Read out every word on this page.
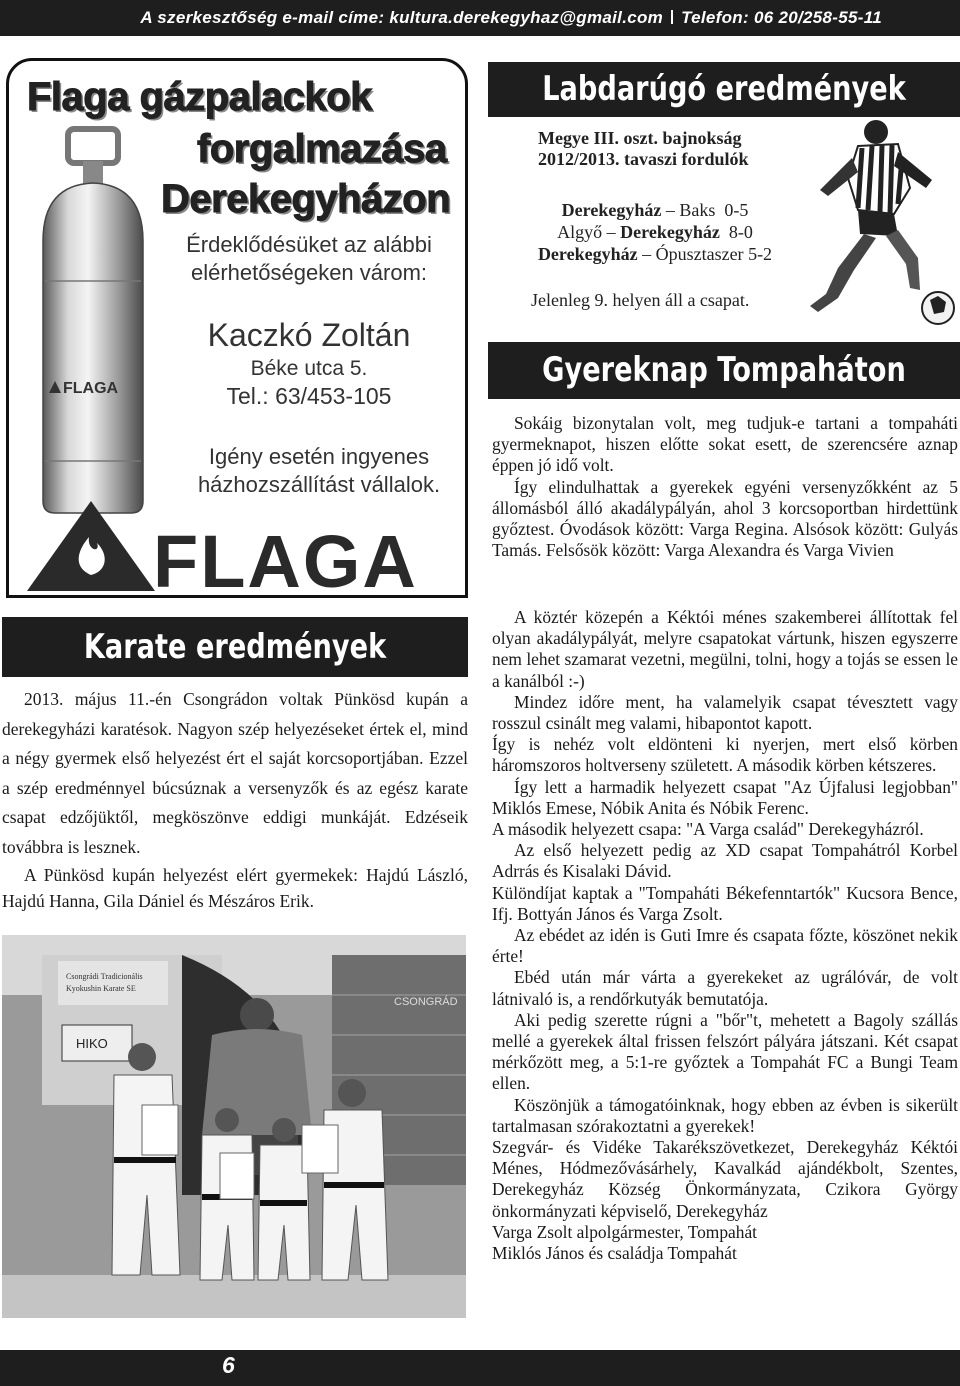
A szerkesztőség e-mail címe: kultura.derekegyhaz@gmail.com Telefon: 06 20/258-55-11
FLAGA
Flaga gázpalackok
forgalmazása
Derekegyházon
Érdeklődésüket az alábbi
elérhetőségeken várom:
Kaczkó Zoltán
Béke utca 5.
Tel.: 63/453-105
Igény esetén ingyenes
házhozszállítást vállalok.
FLAGA
Labdarúgó eredmények
Megye III. oszt. bajnokság
2012/2013. tavaszi fordulók
Derekegyház – Baks 0-5
Algyő – Derekegyház 8-0
Derekegyház – Ópusztaszer 5-2
Jelenleg 9. helyen áll a csapat.
Gyereknap Tompaháton

Sokáig bizonytalan volt, meg tudjuk-e tartani a tompaháti gyermeknapot, hiszen előtte sokat esett, de szerencsére aznap éppen jó idő volt.

Így elindulhattak a gyerekek egyéni versenyzőkként az 5 állomásból álló akadálypályán, ahol 3 korcsoportban hirdettünk győztest. Óvodások között: Varga Regina. Alsósok között: Gulyás Tamás. Felsősök között: Varga Alexandra és Varga Vivien

A köztér közepén a Kéktói ménes szakemberei állítottak fel olyan akadálypályát, melyre csapatokat vártunk, hiszen egyszerre nem lehet szamarat vezetni, megülni, tolni, hogy a tojás se essen le a kanálból :-)

Mindez időre ment, ha valamelyik csapat tévesztett vagy rosszul csinált meg valami, hibapontot kapott.

Így is nehéz volt eldönteni ki nyerjen, mert első körben háromszoros holtverseny született. A második körben kétszeres.

Így lett a harmadik helyezett csapat "Az Újfalusi legjobban" Miklós Emese, Nóbik Anita és Nóbik Ferenc.

A második helyezett csapa: "A Varga család" Derekegyházról.

Az első helyezett pedig az XD csapat Tompahátról Korbel Adrrás és Kisalaki Dávid.

Különdíjat kaptak a "Tompaháti Békefenntartók" Kucsora Bence, Ifj. Bottyán János és Varga Zsolt.

Az ebédet az idén is Guti Imre és csapata főzte, köszönet nekik érte!

Ebéd után már várta a gyerekeket az ugrálóvár, de volt látnivaló is, a rendőrkutyák bemutatója.

Aki pedig szerette rúgni a "bőr"t, mehetett a Bagoly szállás mellé a gyerekek által frissen felszórt pályára játszani. Két csapat mérkőzött meg, a 5:1-re győztek a Tompahát FC a Bungi Team ellen.

Köszönjük a támogatóinknak, hogy ebben az évben is sikerült tartalmasan szórakoztatni a gyerekek!

Szegvár- és Vidéke Takarékszövetkezet, Derekegyház Kéktói Ménes, Hódmezővásárhely, Kavalkád ajándékbolt, Szentes, Derekegyház Község Önkormányzata, Czikora György önkormányzati képviselő, Derekegyház

Varga Zsolt alpolgármester, Tompahát

Miklós János és családja Tompahát

Karate eredmények

2013. május 11.-én Csongrádon voltak Pünkösd kupán a derekegyházi karatésok. Nagyon szép helyezéseket értek el, mind a négy gyermek első helyezést ért el saját korcsoportjában. Ezzel a szép eredménnyel búcsúznak a versenyzők és az egész karate csapat edzőjüktől, megköszönve eddigi munkáját. Edzéseik továbbra is lesznek.

A Pünkösd kupán helyezést elért gyermekek: Hajdú László, Hajdú Hanna, Gila Dániel és Mészáros Erik.

Csongrádi Tradicionális
Kyokushin Karate SE
HIKO
CSONGRÁD
6
